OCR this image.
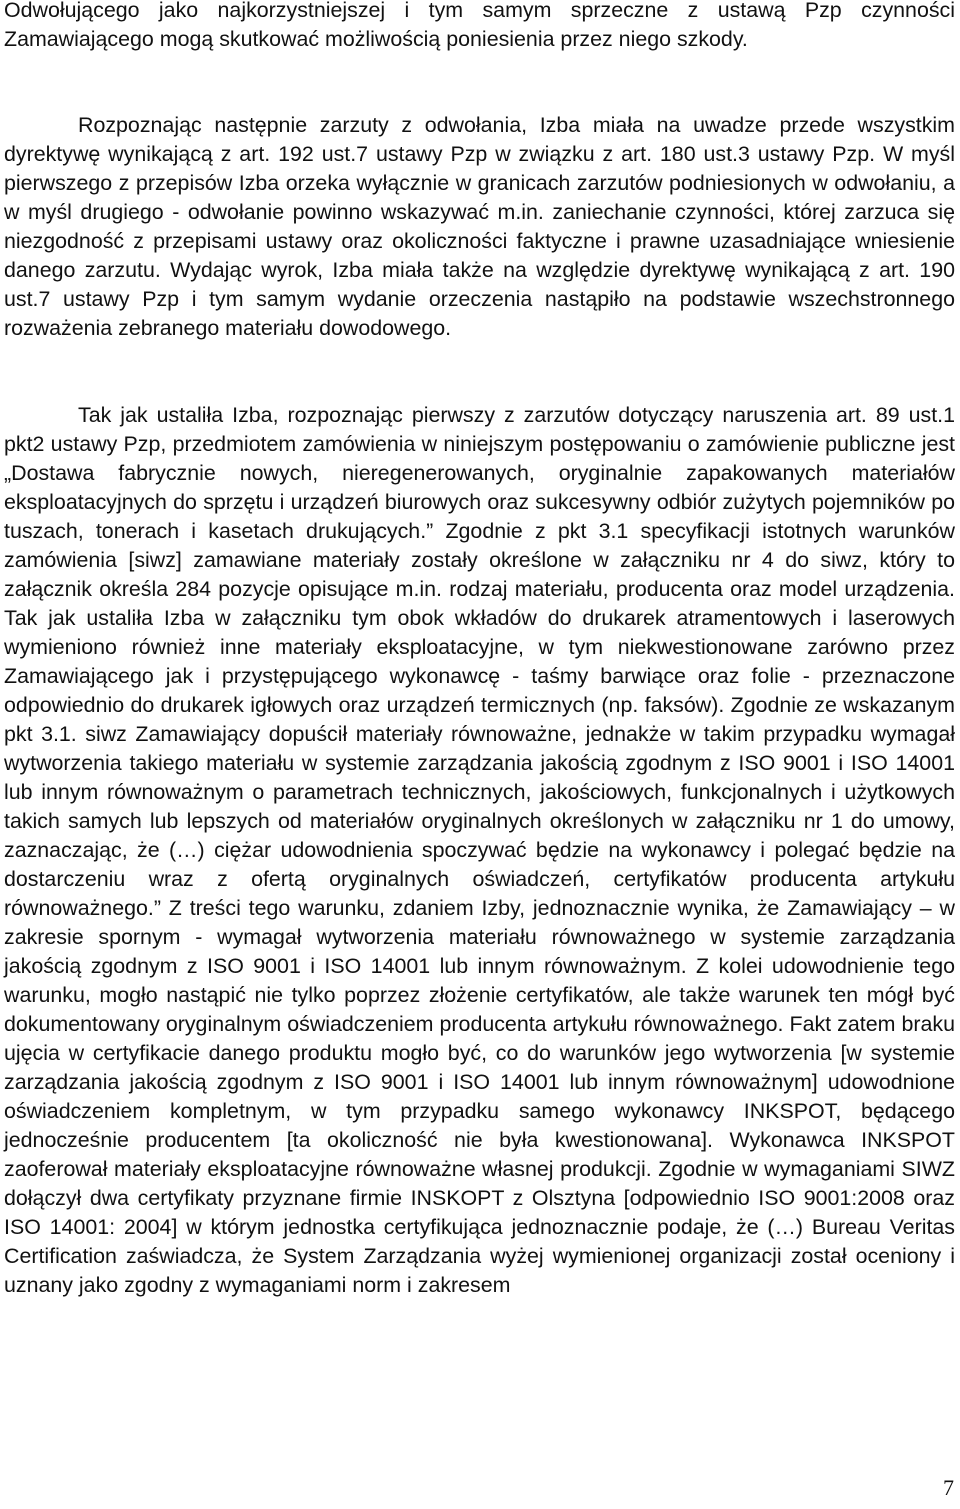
Odwołującego jako najkorzystniejszej i tym samym sprzeczne z ustawą Pzp czynności Zamawiającego mogą skutkować możliwością poniesienia przez niego szkody.

Rozpoznając następnie zarzuty z odwołania, Izba miała na uwadze przede wszystkim dyrektywę wynikającą z art. 192 ust.7 ustawy Pzp w związku z art. 180 ust.3 ustawy Pzp. W myśl pierwszego z przepisów Izba orzeka wyłącznie w granicach zarzutów podniesionych w odwołaniu, a w myśl drugiego - odwołanie powinno wskazywać m.in. zaniechanie czynności, której zarzuca się niezgodność z przepisami ustawy oraz okoliczności faktyczne i prawne uzasadniające wniesienie danego zarzutu. Wydając wyrok, Izba miała także na względzie dyrektywę wynikającą z art. 190 ust.7 ustawy Pzp i tym samym wydanie orzeczenia nastąpiło na podstawie wszechstronnego rozważenia zebranego materiału dowodowego.

Tak jak ustaliła Izba, rozpoznając pierwszy z zarzutów dotyczący naruszenia art. 89 ust.1 pkt2 ustawy Pzp, przedmiotem zamówienia w niniejszym postępowaniu o zamówienie publiczne jest „Dostawa fabrycznie nowych, nieregenerowanych, oryginalnie zapakowanych materiałów eksploatacyjnych do sprzętu i urządzeń biurowych oraz sukcesywny odbiór zużytych pojemników po tuszach, tonerach i kasetach drukujących.” Zgodnie z pkt 3.1 specyfikacji istotnych warunków zamówienia [siwz] zamawiane materiały zostały określone w załączniku nr 4 do siwz, który to załącznik określa 284 pozycje opisujące m.in. rodzaj materiału, producenta oraz model urządzenia. Tak jak ustaliła Izba w załączniku tym obok wkładów do drukarek atramentowych i laserowych wymieniono również inne materiały eksploatacyjne, w tym niekwestionowane zarówno przez Zamawiającego jak i przystępującego wykonawcę - taśmy barwiące oraz folie - przeznaczone odpowiednio do drukarek igłowych oraz urządzeń termicznych (np. faksów). Zgodnie ze wskazanym pkt 3.1. siwz Zamawiający dopuścił materiały równoważne, jednakże w takim przypadku wymagał wytworzenia takiego materiału w systemie zarządzania jakością zgodnym z ISO 9001 i ISO 14001 lub innym równoważnym o parametrach technicznych, jakościowych, funkcjonalnych i użytkowych takich samych lub lepszych od materiałów oryginalnych określonych w załączniku nr 1 do umowy, zaznaczając, że (…) ciężar udowodnienia spoczywać będzie na wykonawcy i polegać będzie na dostarczeniu wraz z ofertą oryginalnych oświadczeń, certyfikatów producenta artykułu równoważnego.” Z treści tego warunku, zdaniem Izby, jednoznacznie wynika, że Zamawiający – w zakresie spornym - wymagał wytworzenia materiału równoważnego w systemie zarządzania jakością zgodnym z ISO 9001 i ISO 14001 lub innym równoważnym. Z kolei udowodnienie tego warunku, mogło nastąpić nie tylko poprzez złożenie certyfikatów, ale także warunek ten mógł być dokumentowany oryginalnym oświadczeniem producenta artykułu równoważnego. Fakt zatem braku ujęcia w certyfikacie danego produktu mogło być, co do warunków jego wytworzenia [w systemie zarządzania jakością zgodnym z ISO 9001 i ISO 14001 lub innym równoważnym] udowodnione oświadczeniem kompletnym, w tym przypadku samego wykonawcy INKSPOT, będącego jednocześnie producentem [ta okoliczność nie była kwestionowana]. Wykonawca INKSPOT zaoferował materiały eksploatacyjne równoważne własnej produkcji. Zgodnie w wymaganiami SIWZ dołączył dwa certyfikaty przyznane firmie INSKOPT z Olsztyna [odpowiednio ISO 9001:2008 oraz ISO 14001: 2004] w którym jednostka certyfikująca jednoznacznie podaje, że (…) Bureau Veritas Certification zaświadcza, że System Zarządzania wyżej wymienionej organizacji został oceniony i uznany jako zgodny z wymaganiami norm i zakresem

7
